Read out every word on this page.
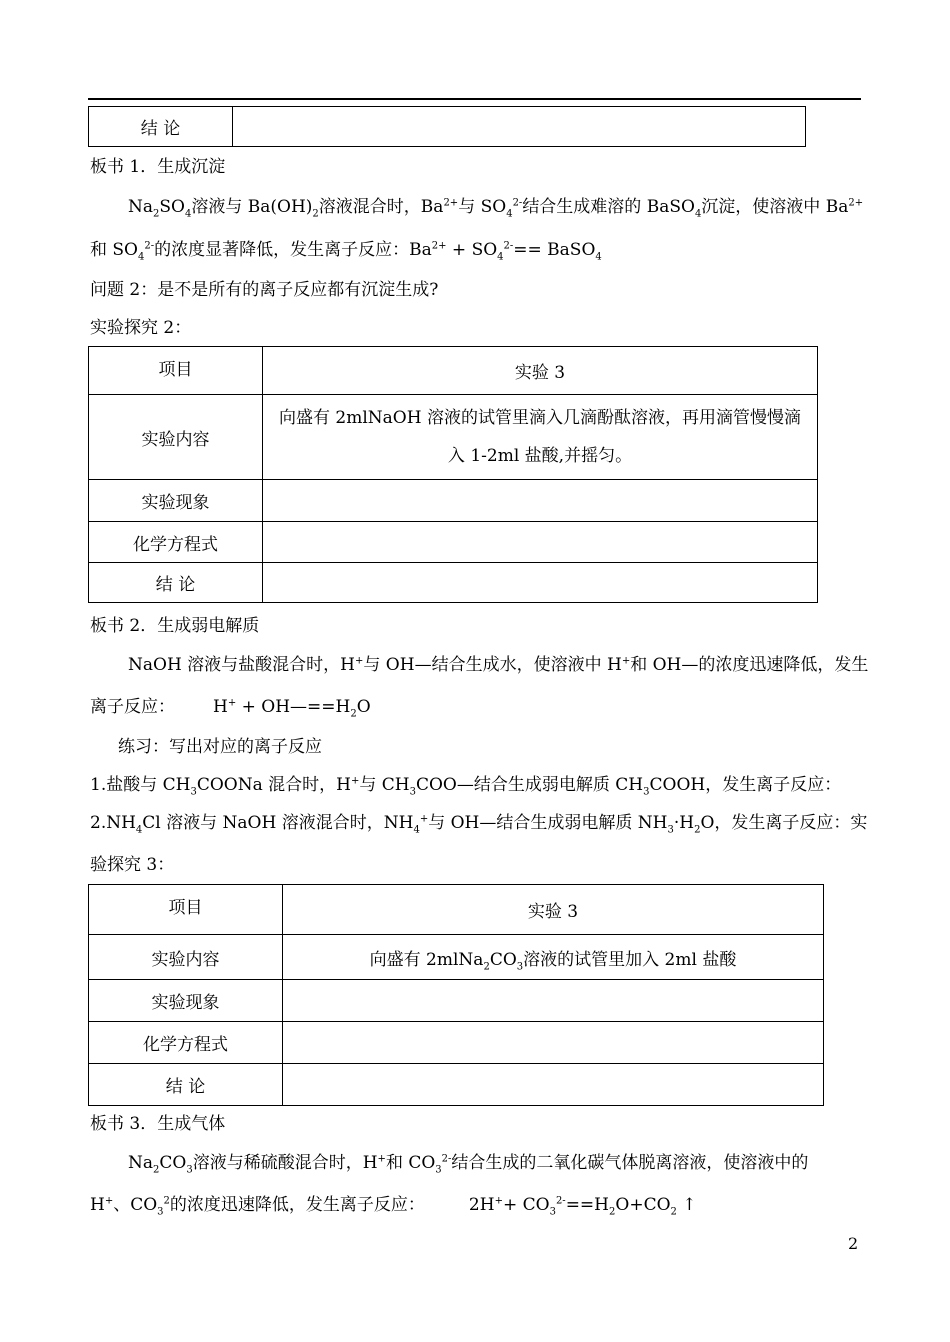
结 论	
板书 1．生成沉淀
$Na_2SO_4$溶液与 $Ba(OH)_2$溶液混合时，$Ba^{2+}$与 $SO_4^{2-}$结合生成难溶的 BaSO$_4$沉淀，使溶液中 $Ba^{2+}$
和 $SO_4^{2-}$的浓度显著降低，发生离子反应：$Ba^{2+} + SO_4^{2-}==$ BaSO$_4$
问题 2：是不是所有的离子反应都有沉淀生成?
实验探究 2：
项目	实验 3
实验内容	向盛有 2mlNaOH 溶液的试管里滴入几滴酚酞溶液，再用滴管慢慢滴
入 1-2ml 盐酸,并摇匀。

实验现象	
化学方程式	
结 论	
板书 2．生成弱电解质
NaOH 溶液与盐酸混合时，H+与 OH—结合生成水，使溶液中 H+和 OH—的浓度迅速降低，发生
离子反应： $H^+ + OH—==H_2O$
练习：写出对应的离子反应
1.盐酸与 $CH_3COONa$ 混合时，H+与 $CH_3COO—$结合生成弱电解质 $CH_3COOH$，发生离子反应：
$2.NH_4Cl$ 溶液与 NaOH 溶液混合时，$NH_4^+$与 OH—结合生成弱电解质 $NH_3\cdot H_2O$，发生离子反应：实
验探究 3：
项目	实验 3
实验内容	向盛有 $2mlNa_2CO_3$溶液的试管里加入 2ml 盐酸
实验现象	
化学方程式	
结 论	
板书 3．生成气体
$Na_2CO_3$溶液与稀硫酸混合时，H+和 $CO_3^{2-}$结合生成的二氧化碳气体脱离溶液，使溶液中的
H+、$CO_3^2$的浓度迅速降低，发生离子反应：	$2H^++ CO_3^{2-}==H_2O+CO_2$ ↑
2
